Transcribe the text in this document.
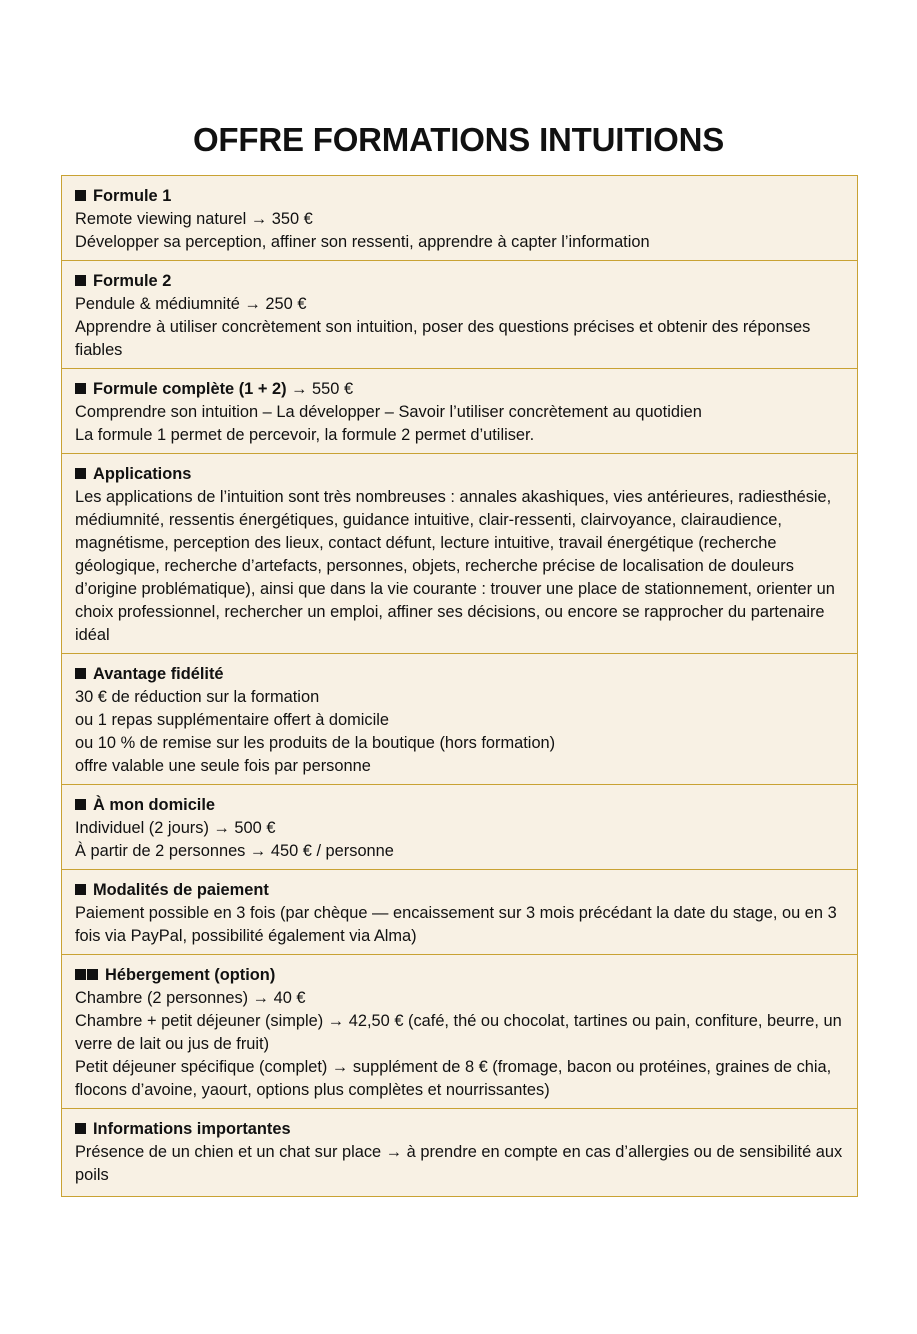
OFFRE FORMATIONS INTUITIONS
Formule 1
Remote viewing naturel → 350 €
Développer sa perception, affiner son ressenti, apprendre à capter l’information
Formule 2
Pendule & médiumnité → 250 €
Apprendre à utiliser concrètement son intuition, poser des questions précises et obtenir des réponses fiables
Formule complète (1 + 2) → 550 €
Comprendre son intuition – La développer – Savoir l’utiliser concrètement au quotidien
La formule 1 permet de percevoir, la formule 2 permet d’utiliser.
Applications
Les applications de l’intuition sont très nombreuses : annales akashiques, vies antérieures, radiesthésie, médiumnité, ressentis énergétiques, guidance intuitive, clair-ressenti, clairvoyance, clairaudience, magnétisme, perception des lieux, contact défunt, lecture intuitive, travail énergétique (recherche géologique, recherche d’artefacts, personnes, objets, recherche précise de localisation de douleurs d’origine problématique), ainsi que dans la vie courante : trouver une place de stationnement, orienter un choix professionnel, rechercher un emploi, affiner ses décisions, ou encore se rapprocher du partenaire idéal
Avantage fidélité
30 € de réduction sur la formation
ou 1 repas supplémentaire offert à domicile
ou 10 % de remise sur les produits de la boutique (hors formation)
offre valable une seule fois par personne
À mon domicile
Individuel (2 jours) → 500 €
À partir de 2 personnes → 450 € / personne
Modalités de paiement
Paiement possible en 3 fois (par chèque — encaissement sur 3 mois précédant la date du stage, ou en 3 fois via PayPal, possibilité également via Alma)
Hébergement (option)
Chambre (2 personnes) → 40 €
Chambre + petit déjeuner (simple) → 42,50 € (café, thé ou chocolat, tartines ou pain, confiture, beurre, un verre de lait ou jus de fruit)
Petit déjeuner spécifique (complet) → supplément de 8 € (fromage, bacon ou protéines, graines de chia, flocons d’avoine, yaourt, options plus complètes et nourrissantes)
Informations importantes
Présence de un chien et un chat sur place → à prendre en compte en cas d’allergies ou de sensibilité aux poils
